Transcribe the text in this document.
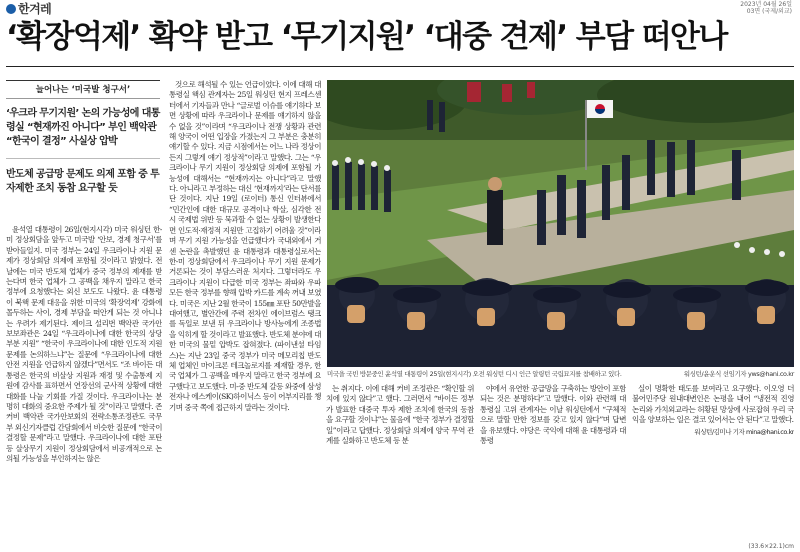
한겨레	2023년 04월 26일
03면 (국제/외교)
‘확장억제’ 확약 받고 ‘무기지원’ ‘대중 견제’ 부담 떠안나
늘어나는 ‘미국발 청구서’
‘우크라 무기지원’ 논의 가능성에 대통령실 “현재까진 아니다” 부인 백악관 “한국이 결정” 사실상 압박
반도체 공급망 문제도 의제 포함 중 투자제한 조치 동참 요구할 듯

윤석열 대통령이 26일(현지시각) 미국 워싱턴 한-미 정상회담을 앞두고 미국발 ‘안보, 경제 청구서’를 받아들일지. 미국 정부는 24일 우크라이나 지원 문제가 정상회담 의제에 포함될 것이라고 밝혔다. 전날에는 미국 반도체 업체가 중국 정부의 제재를 받는다며 한국 업체가 그 공백을 채우지 말라고 한국 정부에 요청했다는 외신 보도도 나왔다. 윤 대통령이 북핵 문제 대응을 위한 미국의 ‘확장억제’ 강화에 몰두하는 사이, 경제 부담을 떠안게 되는 것 아니냐는 우려가 제기된다. 제이크 설리번 백악관 국가안보보좌관은 24일 “우크라이나에 대한 한국의 상당 부분 지원” “한국이 우크라이나에 대한 인도적 지원 문제를 논의하느냐”는 질문에 “우크라이나에 대한 안전 지원을 언급하지 않겠다”면서도 “조 바이든 대통령은 한국의 비살상 지원과 재정 및 수출통제 지원에 감사를 표하면서 연장선의 군사적 상황에 대한 대화를 나눌 기회를 가질 것이다. 우크라이나는 분명히 대화의 중요한 주제가 될 것”이라고 말했다. 존 커비 백악관 국가안보회의 전략소통조정관도 국무부 외신기자클럽 간담회에서 비슷한 질문에 “한국이 결정할 문제”라고 말했다. 우크라이나에 대한 포탄 등 살상무기 지원이 정상회담에서 비공개적으로 논의될 가능성을 부인하지는 않은

것으로 해석될 수 있는 언급이었다. 이에 대해 대통령실 핵심 관계자는 25일 워싱턴 현지 프레스센터에서 기자들과 만나 “글로벌 이슈를 얘기하다 보면 상황에 따라 우크라이나 문제를 얘기하지 않을 수 없을 것”이라며 “우크라이나 전쟁 상황과 관련해 양국이 어떤 입장을 가졌는지 그 부분은 충분히 얘기할 수 있다. 지금 시점에서는 어느 나라 정상이든지 그렇게 얘기 정상적”이라고 말했다. 그는 “우크라이나 무기 지원이 정상회담 의제에 포함될 가능성에 대해서는 “현재까지는 아니다”라고 말했다. 아니라고 부정하는 대신 ‘현재까지’라는 단서를 단 것이다. 지난 19일 (로이터) 통신 인터뷰에서 “민간인에 대한 대규모 공격이나 학살, 심각한 전시 국제법 위반 등 묵과할 수 없는 상황이 발생한다면 인도적·재정적 지원만 고집하기 어려울 것”이라며 무기 지원 가능성을 언급했다가 국내외에서 거센 논란을 촉발했던 윤 대통령과 대통령실로서는 한-미 정상회담에서 우크라이나 무기 지원 문제가 거론되는 것이 부담스러운 처지다. 그렇더라도 우크라이나 지원이 다급한 미국 정부는 좌파와 우파 모든 한국 정부를 향해 압박 카드를 계속 꺼내 보였다. 미국은 지난 2월 한국이 155㎜ 포탄 50만발을 대여했고, 별안간에 주력 전차인 에이브럼스 탱크를 독일로 보낸 뒤 우크라이나 방사능에게 조종법을 익히게 할 것이라고 발표했다. 반도체 분야에 대한 미국의 물밑 압박도 잡혀졌다. (파이낸셜 타임스)는 지난 23일 중국 정부가 미국 메모리칩 반도체 업체인 마이크론 테크놀로지를 제재할 경우, 한국 업체가 그 공백을 메우지 말라고 한국 정부에 요구했다고 보도했다. 미-중 반도체 갈등 와중에 삼성전자나 에스케이(SK)하이닉스 등이 어부지리를 챙기며 중국 쪽에 접근하지 말라는 것이다.

미국을 국빈 방문중인 윤석열 대통령이 25일(현지시각) 오전 워싱턴 디시 인근 알링턴 국립묘지를 참배하고 있다.	워싱턴/윤운식 선임기자 yws@hani.co.kr

는 취지다. 이에 대해 커비 조정관은 “확인할 위치에 있지 않다”고 했다. 그러면서 “바이든 정부가 발표한 대중국 투자 제한 조치에 한국의 동참을 요구할 것이냐”는 물음에 “한국 정부가 결정할 일”이라고 답했다. 정상회담 의제에 양국 무역 관계를 실화하고 반도체 등 분

야에서 유연한 공급망을 구축하는 방안이 포함되는 것은 분명하다”고 말했다. 이와 관련해 대통령실 고위 관계자는 이날 워싱턴에서 “구체적으로 말할 만한 정보를 갖고 있지 않다”며 답변을 유보했다. 야당은 국익에 대해 윤 대통령과 대통령

실이 명확한 태도를 보여라고 요구했다. 이오영 더불어민주당 원내대변인은 논평을 내어 “냉전적 진영논리와 가치외교라는 허황된 망상에 사로잡혀 우리 국익을 양보하는 일은 결코 있어서는 안 된다”고 말했다.

워싱턴/김미나 기자 mina@hani.co.kr
(33.6×22.1)cm
